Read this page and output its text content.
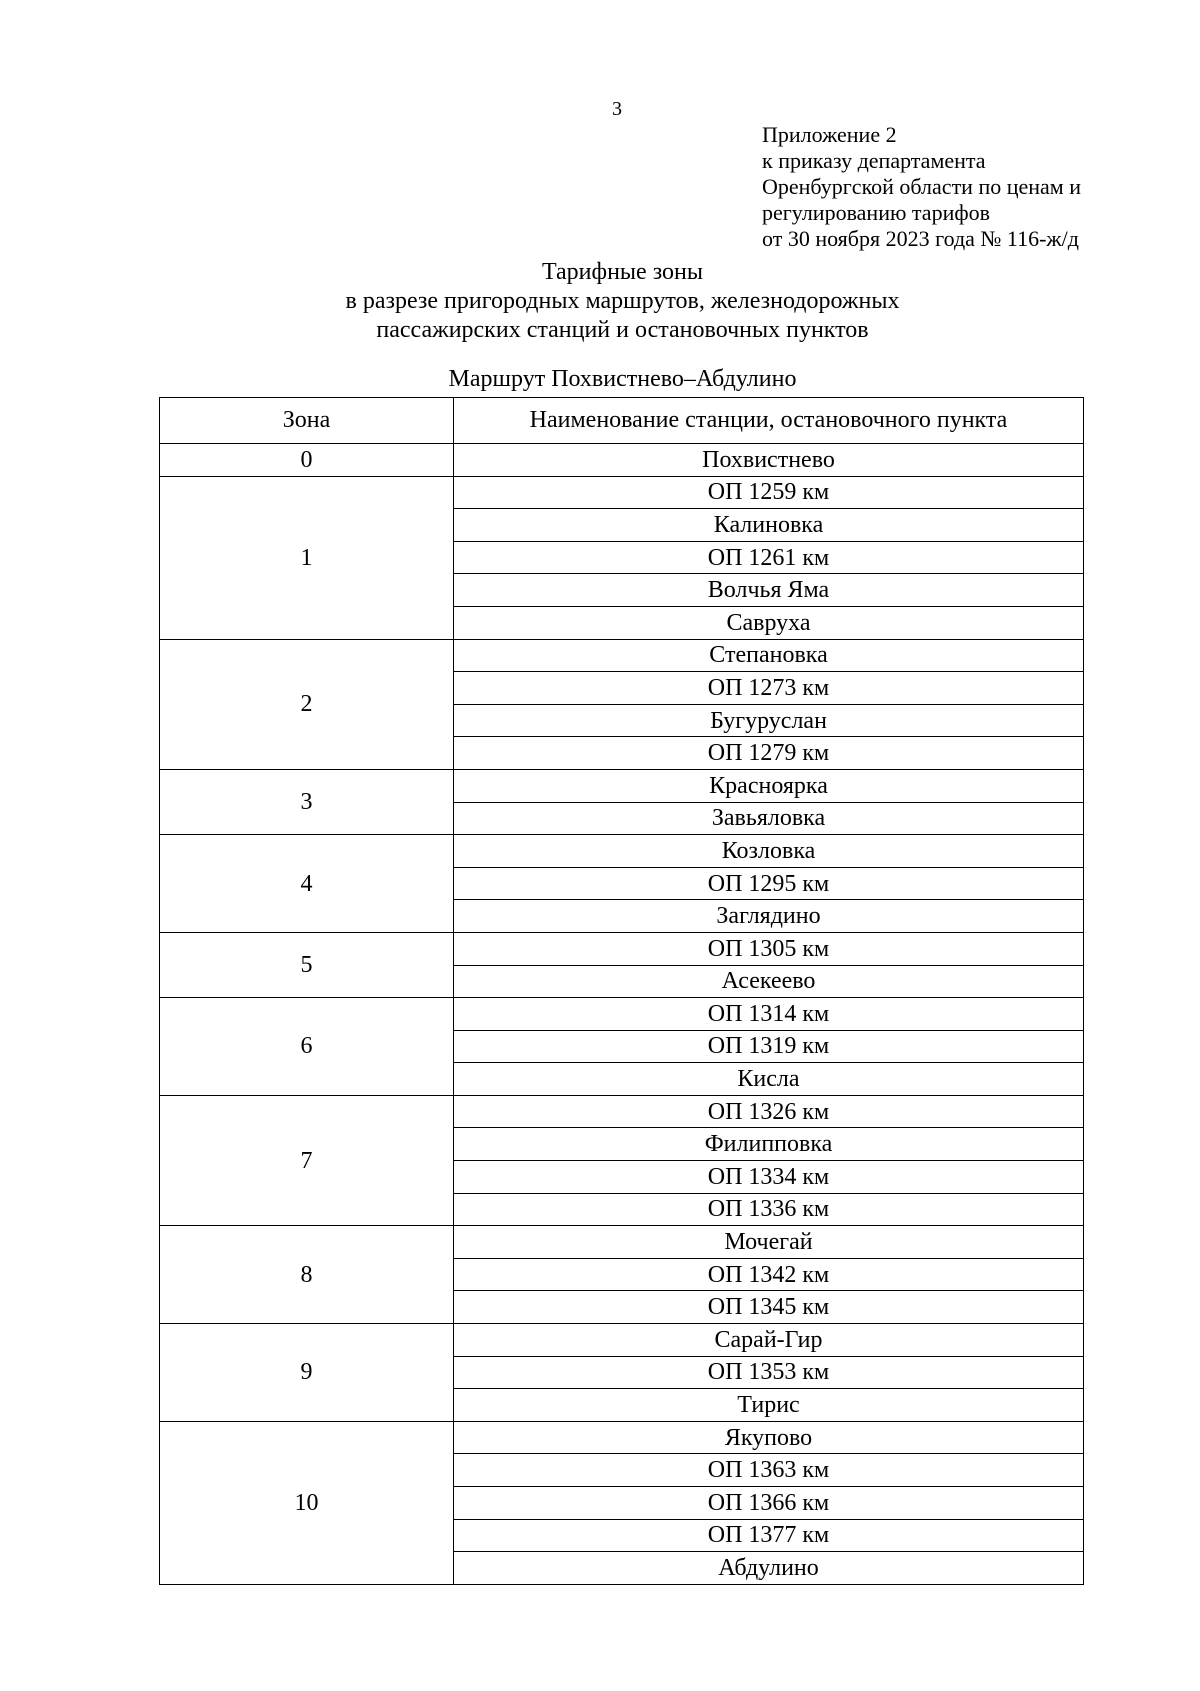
3
Приложение 2
к приказу департамента
Оренбургской области по ценам и
регулированию тарифов
от 30 ноября 2023 года № 116-ж/д
Тарифные зоны
в разрезе пригородных маршрутов, железнодорожных
пассажирских станций и остановочных пунктов
Маршрут Похвистнево–Абдулино
Зона	Наименование станции, остановочного пункта
0	Похвистнево
1	ОП 1259 км
	Калиновка
	ОП 1261 км
	Волчья Яма
	Савруха
2	Степановка
	ОП 1273 км
	Бугуруслан
	ОП 1279 км
3	Красноярка
	Завьяловка
4	Козловка
	ОП 1295 км
	Заглядино
5	ОП 1305 км
	Асекеево
6	ОП 1314 км
	ОП 1319 км
	Кисла
7	ОП 1326 км
	Филипповка
	ОП 1334 км
	ОП 1336 км
8	Мочегай
	ОП 1342 км
	ОП 1345 км
9	Сарай-Гир
	ОП 1353 км
	Тирис
10	Якупово
	ОП 1363 км
	ОП 1366 км
	ОП 1377 км
	Абдулино
